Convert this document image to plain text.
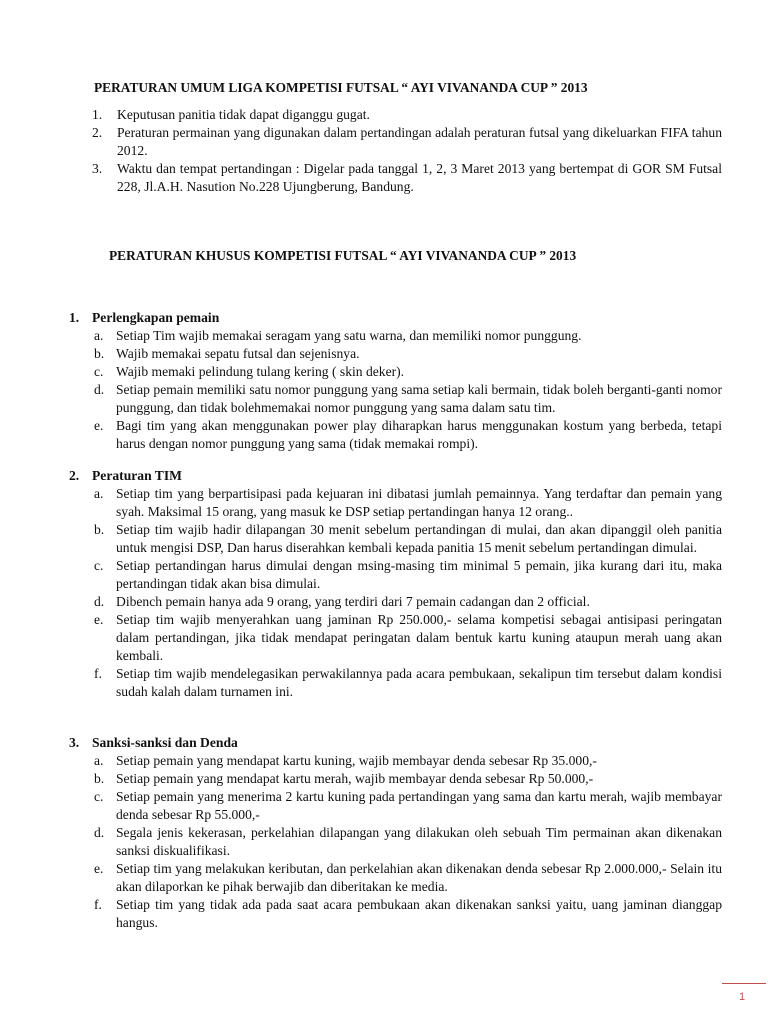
PERATURAN UMUM LIGA KOMPETISI FUTSAL “ AYI VIVANANDA CUP ” 2013
1. Keputusan panitia tidak dapat diganggu gugat.
2. Peraturan permainan yang digunakan dalam pertandingan adalah peraturan futsal yang dikeluarkan FIFA tahun 2012.
3. Waktu dan tempat pertandingan : Digelar pada tanggal 1, 2, 3 Maret 2013 yang bertempat di GOR SM Futsal 228, Jl.A.H. Nasution No.228 Ujungberung, Bandung.
PERATURAN KHUSUS KOMPETISI FUTSAL “ AYI VIVANANDA CUP ” 2013
1. Perlengkapan pemain
a. Setiap Tim wajib memakai seragam yang satu warna, dan memiliki nomor punggung.
b. Wajib memakai sepatu futsal dan sejenisnya.
c. Wajib memaki pelindung tulang kering ( skin deker).
d. Setiap pemain memiliki satu nomor punggung yang sama setiap kali bermain, tidak boleh berganti-ganti nomor punggung, dan tidak bolehmemakai nomor punggung yang sama dalam satu tim.
e. Bagi tim yang akan menggunakan power play diharapkan harus menggunakan kostum yang berbeda, tetapi harus dengan nomor punggung yang sama (tidak memakai rompi).
2. Peraturan TIM
a. Setiap tim yang berpartisipasi pada kejuaran ini dibatasi jumlah pemainnya. Yang terdaftar dan pemain yang syah. Maksimal 15 orang, yang masuk ke DSP setiap pertandingan hanya 12 orang..
b. Setiap tim wajib hadir dilapangan 30 menit sebelum pertandingan di mulai, dan akan dipanggil oleh panitia untuk mengisi DSP, Dan harus diserahkan kembali kepada panitia 15 menit sebelum pertandingan dimulai.
c. Setiap pertandingan harus dimulai dengan msing-masing tim minimal 5 pemain, jika kurang dari itu, maka pertandingan tidak akan bisa dimulai.
d. Dibench pemain hanya ada 9 orang, yang terdiri dari 7 pemain cadangan dan 2 official.
e. Setiap tim wajib menyerahkan uang jaminan Rp 250.000,- selama kompetisi sebagai antisipasi peringatan dalam pertandingan, jika tidak mendapat peringatan dalam bentuk kartu kuning ataupun merah uang akan kembali.
f. Setiap tim wajib mendelegasikan perwakilannya pada acara pembukaan, sekalipun tim tersebut dalam kondisi sudah kalah dalam turnamen ini.
3. Sanksi-sanksi dan Denda
a. Setiap pemain yang mendapat kartu kuning, wajib membayar denda sebesar Rp 35.000,-
b. Setiap pemain yang mendapat kartu merah, wajib membayar denda sebesar Rp 50.000,-
c. Setiap pemain yang menerima 2 kartu kuning pada pertandingan yang sama dan kartu merah, wajib membayar denda sebesar Rp 55.000,-
d. Segala jenis kekerasan, perkelahian dilapangan yang dilakukan oleh sebuah Tim permainan akan dikenakan sanksi diskualifikasi.
e. Setiap tim yang melakukan keributan, dan perkelahian akan dikenakan denda sebesar Rp 2.000.000,- Selain itu akan dilaporkan ke pihak berwajib dan diberitakan ke media.
f. Setiap tim yang tidak ada pada saat acara pembukaan akan dikenakan sanksi yaitu, uang jaminan dianggap hangus.
1
